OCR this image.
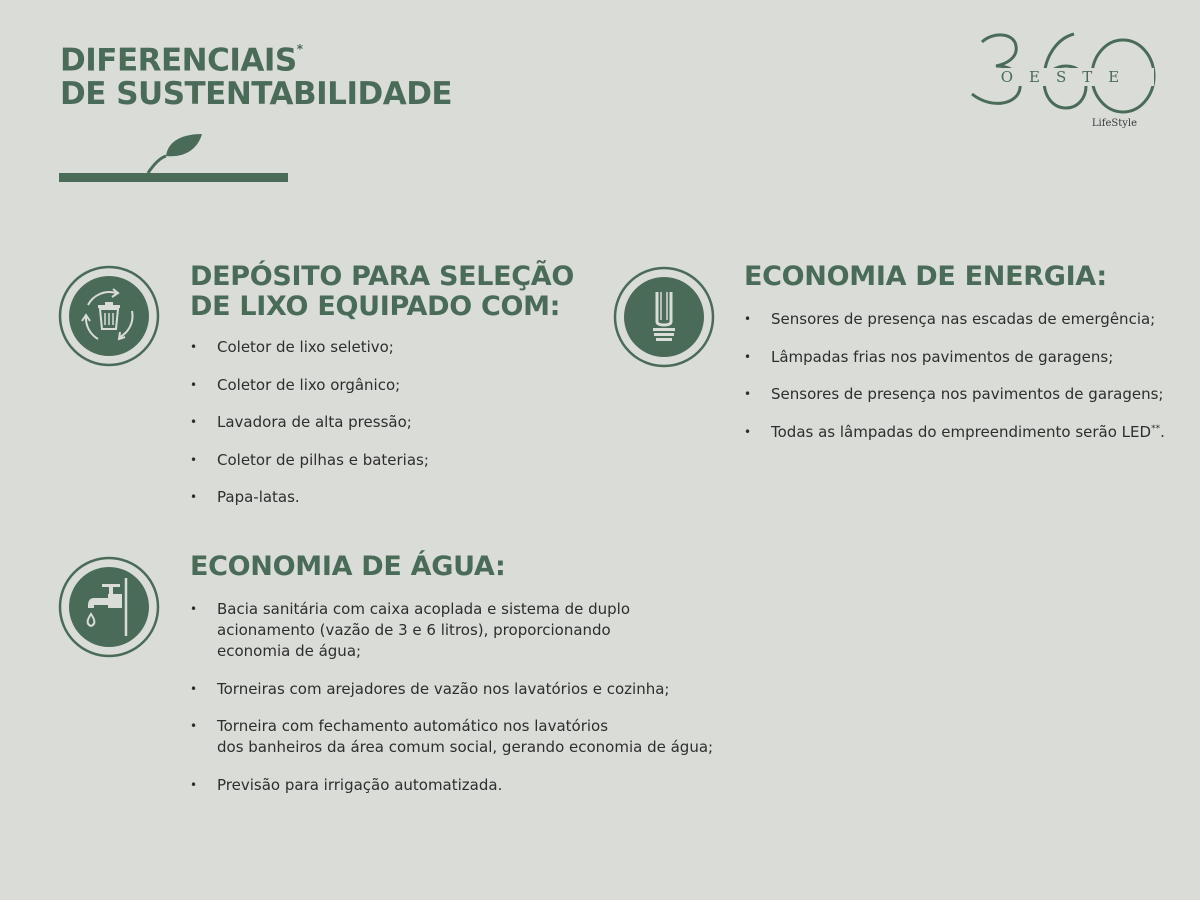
DIFERENCIAIS*
DE SUSTENTABILIDADE	OESTE
LifeStyle
DEPÓSITO PARA SELEÇÃO
DE LIXO EQUIPADO COM:
• Coletor de lixo seletivo;
• Coletor de lixo orgânico;
• Lavadora de alta pressão;
• Coletor de pilhas e baterias;
• Papa-latas.
ECONOMIA DE ÁGUA:
• Bacia sanitária com caixa acoplada e sistema de duplo
acionamento (vazão de 3 e 6 litros), proporcionando
economia de água;
• Torneiras com arejadores de vazão nos lavatórios e cozinha;
• Torneira com fechamento automático nos lavatórios
dos banheiros da área comum social, gerando economia de água;
• Previsão para irrigação automatizada.
ECONOMIA DE ENERGIA:
• Sensores de presença nas escadas de emergência;
• Lâmpadas frias nos pavimentos de garagens;
• Sensores de presença nos pavimentos de garagens;
• Todas as lâmpadas do empreendimento serão LED**.
